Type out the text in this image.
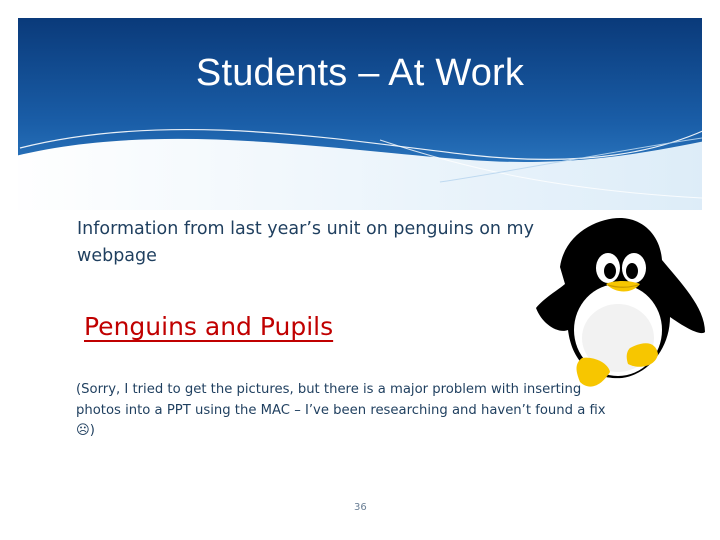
Students – At Work
Information from last year’s unit on penguins on my webpage
Penguins and Pupils
(Sorry, I tried to get the pictures, but there is a major problem with inserting photos into a PPT using the MAC – I’ve been researching and haven’t found a fix ☹)
36
